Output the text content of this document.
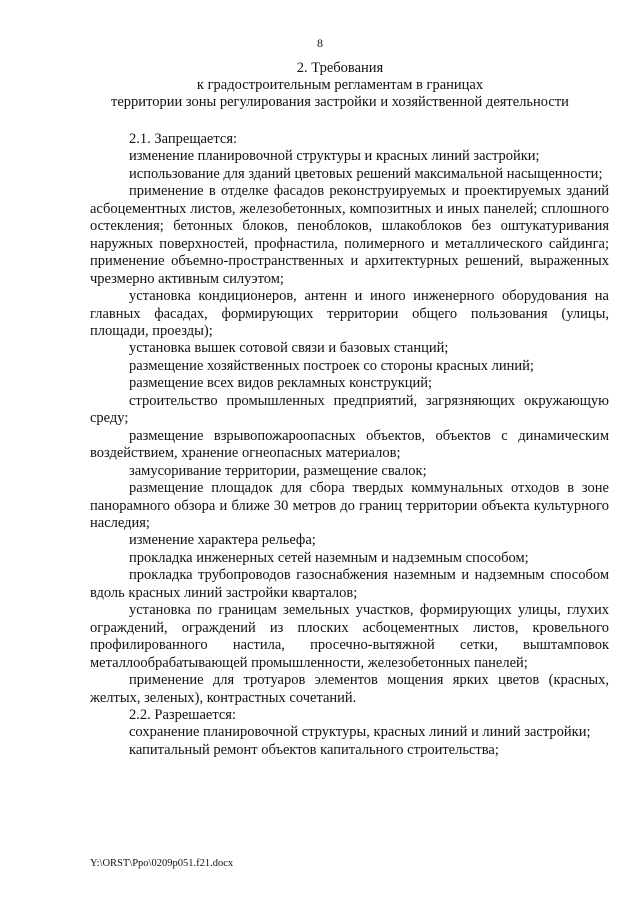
8
2. Требования
к градостроительным регламентам в границах
территории зоны регулирования застройки и хозяйственной деятельности

2.1. Запрещается:

изменение планировочной структуры и красных линий застройки;

использование для зданий цветовых решений максимальной насыщенности;

применение в отделке фасадов реконструируемых и проектируемых зданий асбоцементных листов, железобетонных, композитных и иных панелей; сплошного остекления; бетонных блоков, пеноблоков, шлакоблоков без оштукатуривания наружных поверхностей, профнастила, полимерного и металлического сайдинга; применение объемно-пространственных и архитектурных решений, выраженных чрезмерно активным силуэтом;

установка кондиционеров, антенн и иного инженерного оборудования на главных фасадах, формирующих территории общего пользования (улицы, площади, проезды);

установка вышек сотовой связи и базовых станций;

размещение хозяйственных построек со стороны красных линий;

размещение всех видов рекламных конструкций;

строительство промышленных предприятий, загрязняющих окружающую среду;

размещение взрывопожароопасных объектов, объектов с динамическим воздействием, хранение огнеопасных материалов;

замусоривание территории, размещение свалок;

размещение площадок для сбора твердых коммунальных отходов в зоне панорамного обзора и ближе 30 метров до границ территории объекта культурного наследия;

изменение характера рельефа;

прокладка инженерных сетей наземным и надземным способом;

прокладка трубопроводов газоснабжения наземным и надземным способом вдоль красных линий застройки кварталов;

установка по границам земельных участков, формирующих улицы, глухих ограждений, ограждений из плоских асбоцементных листов, кровельного профилированного настила, просечно-вытяжной сетки, выштамповок металлообрабатывающей промышленности, железобетонных панелей;

применение для тротуаров элементов мощения ярких цветов (красных, желтых, зеленых), контрастных сочетаний.

2.2. Разрешается:

сохранение планировочной структуры, красных линий и линий застройки;

капитальный ремонт объектов капитального строительства;

Y:\ORST\Ppo\0209p051.f21.docx
